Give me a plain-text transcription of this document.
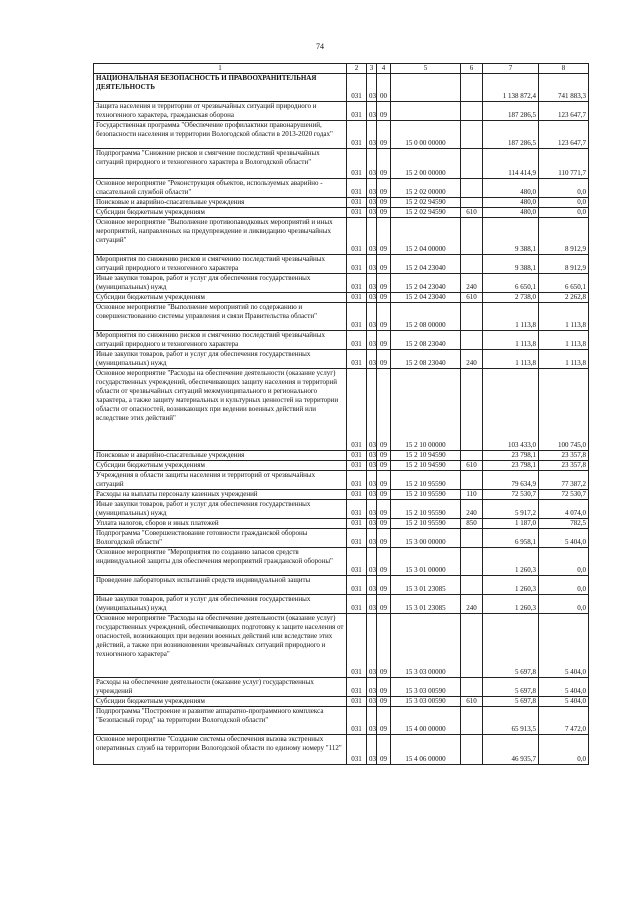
74
1	2	3	4	5	6	7	8
НАЦИОНАЛЬНАЯ БЕЗОПАСНОСТЬ И ПРАВООХРАНИТЕЛЬНАЯ ДЕЯТЕЛЬНОСТЬ	031	03	00			1 138 872,4	741 883,3
Защита населения и территории от чрезвычайных ситуаций природного и техногенного характера, гражданская оборона	031	03	09			187 286,5	123 647,7
Государственная программа "Обеспечение профилактики правонарушений, безопасности населения и территории Вологодской области в 2013-2020 годах"	031	03	09	15 0 00 00000		187 286,5	123 647,7
Подпрограмма "Снижение рисков и смягчение последствий чрезвычайных ситуаций природного и техногенного характера в Вологодской области"	031	03	09	15 2 00 00000		114 414,9	110 771,7
Основное мероприятие "Реконструкция объектов, используемых аварийно - спасательной службой области"	031	03	09	15 2 02 00000		480,0	0,0
Поисковые и аварийно-спасательные учреждения	031	03	09	15 2 02 94590		480,0	0,0
Субсидии бюджетным учреждениям	031	03	09	15 2 02 94590	610	480,0	0,0
Основное мероприятие "Выполнение противопаводковых мероприятий и иных мероприятий, направленных на предупреждение и ликвидацию чрезвычайных ситуаций"	031	03	09	15 2 04 00000		9 388,1	8 912,9
Мероприятия по снижению рисков и смягчению последствий чрезвычайных ситуаций природного и техногенного характера	031	03	09	15 2 04 23040		9 388,1	8 912,9
Иные закупки товаров, работ и услуг для обеспечения государственных (муниципальных) нужд	031	03	09	15 2 04 23040	240	6 650,1	6 650,1
Субсидии бюджетным учреждениям	031	03	09	15 2 04 23040	610	2 738,0	2 262,8
Основное мероприятие "Выполнение мероприятий по содержанию и совершенствованию системы управления и связи Правительства области"	031	03	09	15 2 08 00000		1 113,8	1 113,8
Мероприятия по снижению рисков и смягчению последствий чрезвычайных ситуаций природного и техногенного характера	031	03	09	15 2 08 23040		1 113,8	1 113,8
Иные закупки товаров, работ и услуг для обеспечения государственных (муниципальных) нужд	031	03	09	15 2 08 23040	240	1 113,8	1 113,8
Основное мероприятие "Расходы на обеспечение деятельности (оказание услуг) государственных учреждений, обеспечивающих защиту населения и территорий области от чрезвычайных ситуаций межмуниципального и регионального характера, а также защиту материальных и культурных ценностей на территории области от опасностей, возникающих при ведении военных действий или вследствие этих действий"	031	03	09	15 2 10 00000		103 433,0	100 745,0
Поисковые и аварийно-спасательные учреждения	031	03	09	15 2 10 94590		23 798,1	23 357,8
Субсидии бюджетным учреждениям	031	03	09	15 2 10 94590	610	23 798,1	23 357,8
Учреждения в области защиты населения и территорий от чрезвычайных ситуаций	031	03	09	15 2 10 95590		79 634,9	77 387,2
Расходы на выплаты персоналу казенных учреждений	031	03	09	15 2 10 95590	110	72 530,7	72 530,7
Иные закупки товаров, работ и услуг для обеспечения государственных (муниципальных) нужд	031	03	09	15 2 10 95590	240	5 917,2	4 074,0
Уплата налогов, сборов и иных платежей	031	03	09	15 2 10 95590	850	1 187,0	782,5
Подпрограмма "Совершенствование готовности гражданской обороны Вологодской области"	031	03	09	15 3 00 00000		6 958,1	5 404,0
Основное мероприятие "Мероприятия по созданию запасов средств индивидуальной защиты для обеспечения мероприятий гражданской обороны"	031	03	09	15 3 01 00000		1 260,3	0,0
Проведение лабораторных испытаний средств индивидуальной защиты	031	03	09	15 3 01 23085		1 260,3	0,0
Иные закупки товаров, работ и услуг для обеспечения государственных (муниципальных) нужд	031	03	09	15 3 01 23085	240	1 260,3	0,0
Основное мероприятие "Расходы на обеспечение деятельности (оказание услуг) государственных учреждений, обеспечивающих подготовку к защите населения от опасностей, возникающих при ведении военных действий или вследствие этих действий, а также при возникновении чрезвычайных ситуаций природного и техногенного характера"	031	03	09	15 3 03 00000		5 697,8	5 404,0
Расходы на обеспечение деятельности (оказание услуг) государственных учреждений	031	03	09	15 3 03 00590		5 697,8	5 404,0
Субсидии бюджетным учреждениям	031	03	09	15 3 03 00590	610	5 697,8	5 404,0
Подпрограмма "Построение и развитие аппаратно-программного комплекса "Безопасный город" на территории Вологодской области"	031	03	09	15 4 00 00000		65 913,5	7 472,0
Основное мероприятие "Создание системы обеспечения вызова экстренных оперативных служб на территории Вологодской области по единому номеру "112"	031	03	09	15 4 06 00000		46 935,7	0,0
